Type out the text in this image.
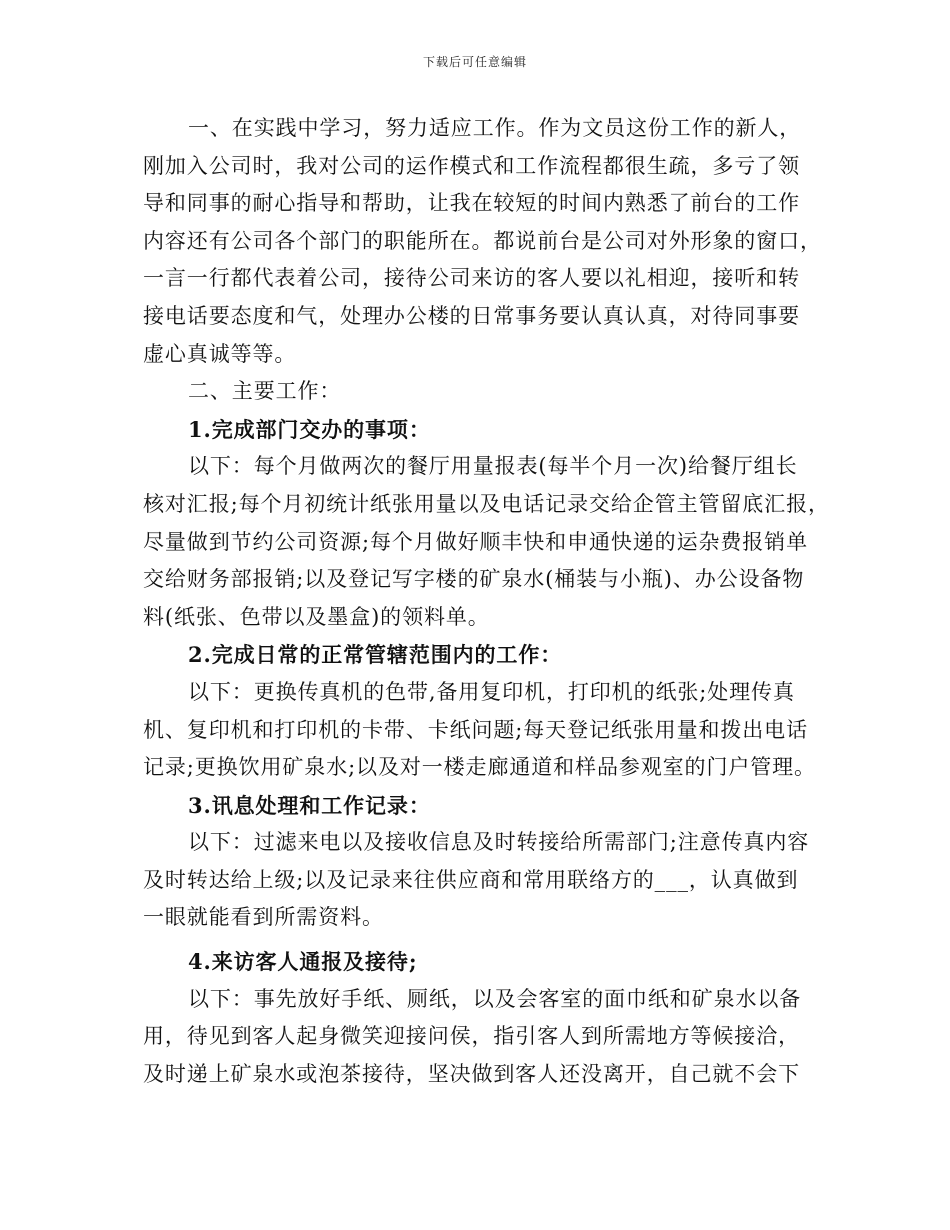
下载后可任意编辑

一、在实践中学习，努力适应工作。作为文员这份工作的新人，

刚加入公司时，我对公司的运作模式和工作流程都很生疏，多亏了领

导和同事的耐心指导和帮助，让我在较短的时间内熟悉了前台的工作

内容还有公司各个部门的职能所在。都说前台是公司对外形象的窗口，

一言一行都代表着公司，接待公司来访的客人要以礼相迎，接听和转

接电话要态度和气，处理办公楼的日常事务要认真认真，对待同事要

虚心真诚等等。

二、主要工作：

1.完成部门交办的事项：

以下：每个月做两次的餐厅用量报表(每半个月一次)给餐厅组长

核对汇报;每个月初统计纸张用量以及电话记录交给企管主管留底汇报，

尽量做到节约公司资源;每个月做好顺丰快和申通快递的运杂费报销单

交给财务部报销;以及登记写字楼的矿泉水(桶装与小瓶)、办公设备物

料(纸张、色带以及墨盒)的领料单。

2.完成日常的正常管辖范围内的工作：

以下：更换传真机的色带,备用复印机，打印机的纸张;处理传真

机、复印机和打印机的卡带、卡纸问题;每天登记纸张用量和拨出电话

记录;更换饮用矿泉水;以及对一楼走廊通道和样品参观室的门户管理。

3.讯息处理和工作记录：

以下：过滤来电以及接收信息及时转接给所需部门;注意传真内容

及时转达给上级;以及记录来往供应商和常用联络方的___，认真做到

一眼就能看到所需资料。

4.来访客人通报及接待;

以下：事先放好手纸、厕纸，以及会客室的面巾纸和矿泉水以备

用，待见到客人起身微笑迎接问侯，指引客人到所需地方等候接洽，

及时递上矿泉水或泡茶接待，坚决做到客人还没离开，自己就不会下
